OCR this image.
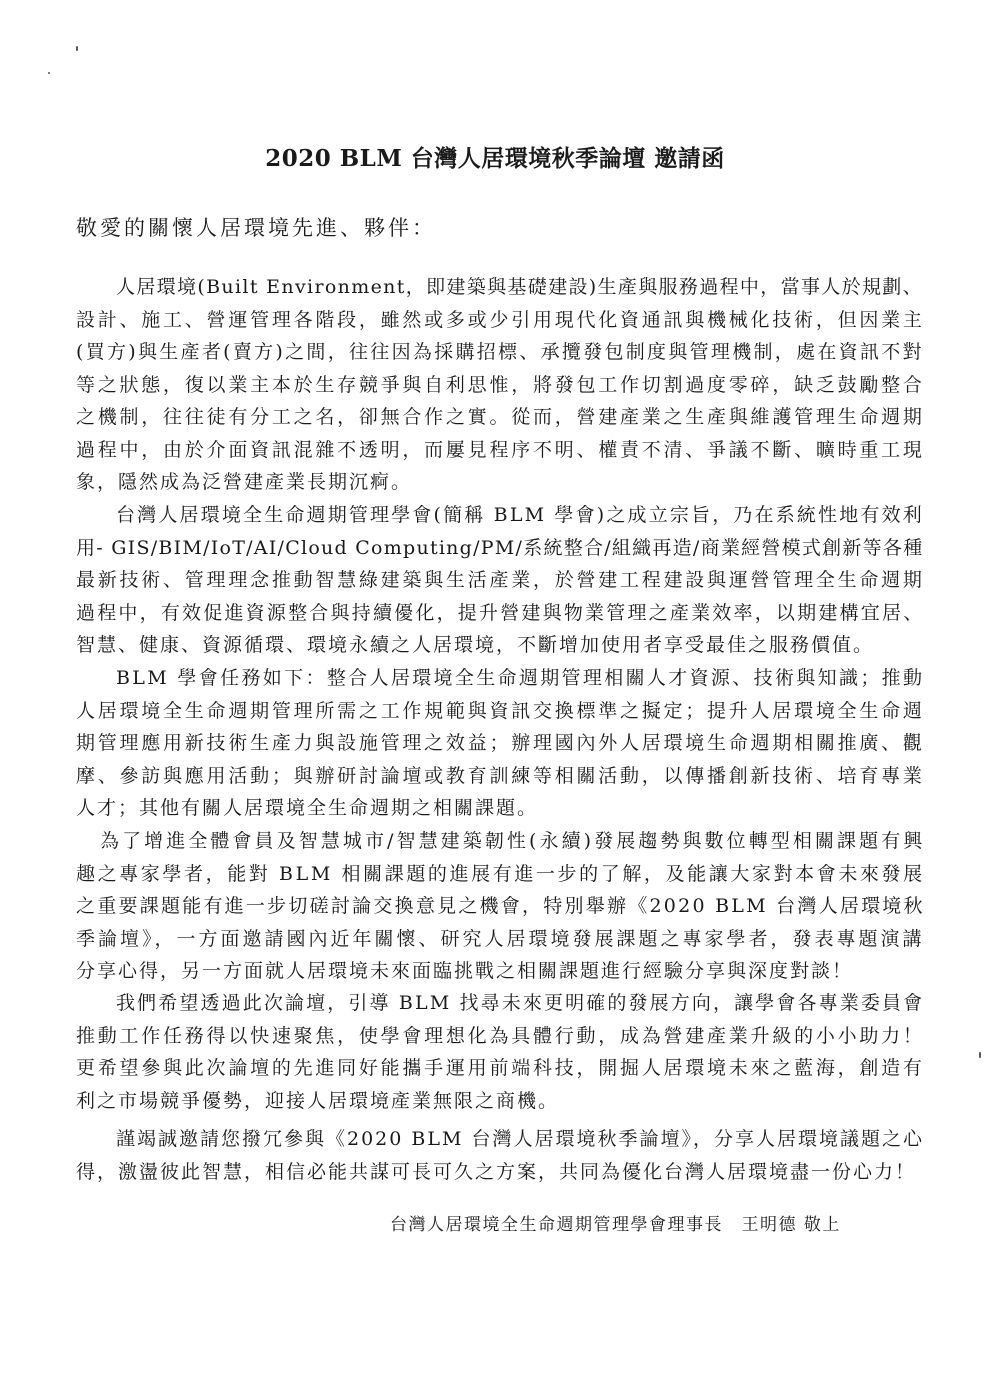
2020 BLM 台灣人居環境秋季論壇 邀請函
敬愛的關懷人居環境先進、夥伴：
人居環境(Built Environment，即建築與基礎建設)生產與服務過程中，當事人於規劃、
設計、施工、營運管理各階段，雖然或多或少引用現代化資通訊與機械化技術，但因業主
(買方)與生產者(賣方)之間，往往因為採購招標、承攬發包制度與管理機制，處在資訊不對
等之狀態，復以業主本於生存競爭與自利思惟，將發包工作切割過度零碎，缺乏鼓勵整合
之機制，往往徒有分工之名，卻無合作之實。從而，營建產業之生產與維護管理生命週期
過程中，由於介面資訊混雜不透明，而屢見程序不明、權責不清、爭議不斷、曠時重工現
象，隱然成為泛營建產業長期沉痾。
台灣人居環境全生命週期管理學會(簡稱 BLM 學會)之成立宗旨，乃在系統性地有效利
用- GIS/BIM/IoT/AI/Cloud Computing/PM/系統整合/組織再造/商業經營模式創新等各種
最新技術、管理理念推動智慧綠建築與生活產業，於營建工程建設與運營管理全生命週期
過程中，有效促進資源整合與持續優化，提升營建與物業管理之產業效率，以期建構宜居、
智慧、健康、資源循環、環境永續之人居環境，不斷增加使用者享受最佳之服務價值。
BLM 學會任務如下：整合人居環境全生命週期管理相關人才資源、技術與知識；推動
人居環境全生命週期管理所需之工作規範與資訊交換標準之擬定；提升人居環境全生命週
期管理應用新技術生產力與設施管理之效益；辦理國內外人居環境生命週期相關推廣、觀
摩、參訪與應用活動；與辦研討論壇或教育訓練等相關活動，以傳播創新技術、培育專業
人才；其他有關人居環境全生命週期之相關課題。
為了增進全體會員及智慧城市/智慧建築韌性(永續)發展趨勢與數位轉型相關課題有興
趣之專家學者，能對 BLM 相關課題的進展有進一步的了解，及能讓大家對本會未來發展
之重要課題能有進一步切磋討論交換意見之機會，特別舉辦《2020 BLM 台灣人居環境秋
季論壇》，一方面邀請國內近年關懷、研究人居環境發展課題之專家學者，發表專題演講
分享心得，另一方面就人居環境未來面臨挑戰之相關課題進行經驗分享與深度對談！
我們希望透過此次論壇，引導 BLM 找尋未來更明確的發展方向，讓學會各專業委員會
推動工作任務得以快速聚焦，使學會理想化為具體行動，成為營建產業升級的小小助力！
更希望參與此次論壇的先進同好能攜手運用前端科技，開掘人居環境未來之藍海，創造有
利之市場競爭優勢，迎接人居環境產業無限之商機。
謹竭誠邀請您撥冗參與《2020 BLM 台灣人居環境秋季論壇》，分享人居環境議題之心
得，激盪彼此智慧，相信必能共謀可長可久之方案，共同為優化台灣人居環境盡一份心力！
台灣人居環境全生命週期管理學會理事長　王明德 敬上
